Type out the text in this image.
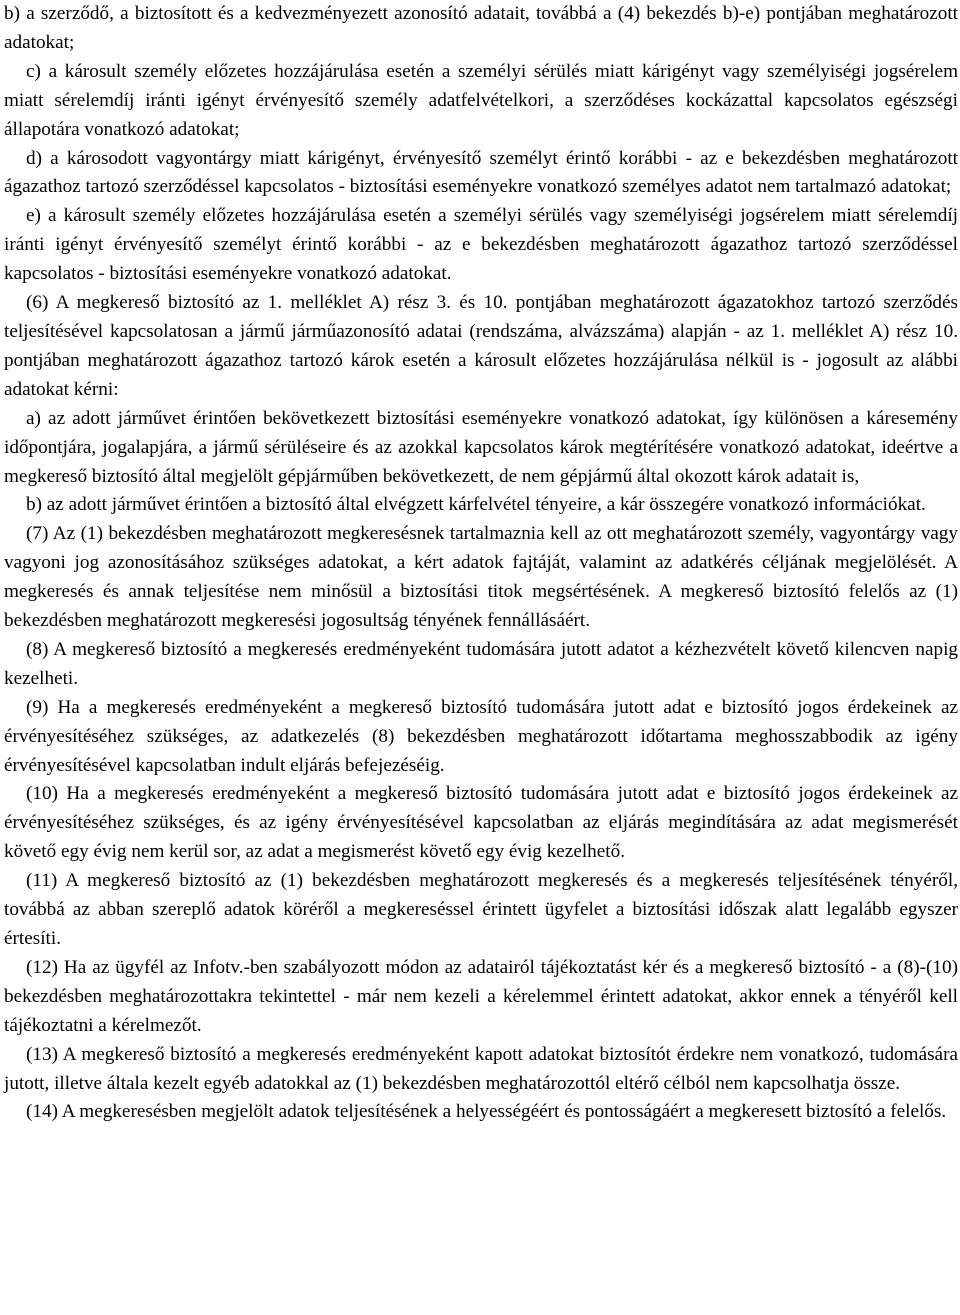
b) a szerződő, a biztosított és a kedvezményezett azonosító adatait, továbbá a (4) bekezdés b)-e) pontjában meghatározott adatokat;

c) a károsult személy előzetes hozzájárulása esetén a személyi sérülés miatt kárigényt vagy személyiségi jogsérelem miatt sérelemdíj iránti igényt érvényesítő személy adatfelvételkori, a szerződéses kockázattal kapcsolatos egészségi állapotára vonatkozó adatokat;

d) a károsodott vagyontárgy miatt kárigényt, érvényesítő személyt érintő korábbi - az e bekezdésben meghatározott ágazathoz tartozó szerződéssel kapcsolatos - biztosítási eseményekre vonatkozó személyes adatot nem tartalmazó adatokat;

e) a károsult személy előzetes hozzájárulása esetén a személyi sérülés vagy személyiségi jogsérelem miatt sérelemdíj iránti igényt érvényesítő személyt érintő korábbi - az e bekezdésben meghatározott ágazathoz tartozó szerződéssel kapcsolatos - biztosítási eseményekre vonatkozó adatokat.

(6) A megkereső biztosító az 1. melléklet A) rész 3. és 10. pontjában meghatározott ágazatokhoz tartozó szerződés teljesítésével kapcsolatosan a jármű járműazonosító adatai (rendszáma, alvázszáma) alapján - az 1. melléklet A) rész 10. pontjában meghatározott ágazathoz tartozó károk esetén a károsult előzetes hozzájárulása nélkül is - jogosult az alábbi adatokat kérni:

a) az adott járművet érintően bekövetkezett biztosítási eseményekre vonatkozó adatokat, így különösen a káresemény időpontjára, jogalapjára, a jármű sérüléseire és az azokkal kapcsolatos károk megtérítésére vonatkozó adatokat, ideértve a megkereső biztosító által megjelölt gépjárműben bekövetkezett, de nem gépjármű által okozott károk adatait is,

b) az adott járművet érintően a biztosító által elvégzett kárfelvétel tényeire, a kár összegére vonatkozó információkat.

(7) Az (1) bekezdésben meghatározott megkeresésnek tartalmaznia kell az ott meghatározott személy, vagyontárgy vagy vagyoni jog azonosításához szükséges adatokat, a kért adatok fajtáját, valamint az adatkérés céljának megjelölését. A megkeresés és annak teljesítése nem minősül a biztosítási titok megsértésének. A megkereső biztosító felelős az (1) bekezdésben meghatározott megkeresési jogosultság tényének fennállásáért.

(8) A megkereső biztosító a megkeresés eredményeként tudomására jutott adatot a kézhezvételt követő kilencven napig kezelheti.

(9) Ha a megkeresés eredményeként a megkereső biztosító tudomására jutott adat e biztosító jogos érdekeinek az érvényesítéséhez szükséges, az adatkezelés (8) bekezdésben meghatározott időtartama meghosszabbodik az igény érvényesítésével kapcsolatban indult eljárás befejezéséig.

(10) Ha a megkeresés eredményeként a megkereső biztosító tudomására jutott adat e biztosító jogos érdekeinek az érvényesítéséhez szükséges, és az igény érvényesítésével kapcsolatban az eljárás megindítására az adat megismerését követő egy évig nem kerül sor, az adat a megismerést követő egy évig kezelhető.

(11) A megkereső biztosító az (1) bekezdésben meghatározott megkeresés és a megkeresés teljesítésének tényéről, továbbá az abban szereplő adatok köréről a megkereséssel érintett ügyfelet a biztosítási időszak alatt legalább egyszer értesíti.

(12) Ha az ügyfél az Infotv.-ben szabályozott módon az adatairól tájékoztatást kér és a megkereső biztosító - a (8)-(10) bekezdésben meghatározottakra tekintettel - már nem kezeli a kérelemmel érintett adatokat, akkor ennek a tényéről kell tájékoztatni a kérelmezőt.

(13) A megkereső biztosító a megkeresés eredményeként kapott adatokat biztosítót érdekre nem vonatkozó, tudomására jutott, illetve általa kezelt egyéb adatokkal az (1) bekezdésben meghatározottól eltérő célból nem kapcsolhatja össze.

(14) A megkeresésben megjelölt adatok teljesítésének a helyességéért és pontosságáért a megkeresett biztosító a felelős.
